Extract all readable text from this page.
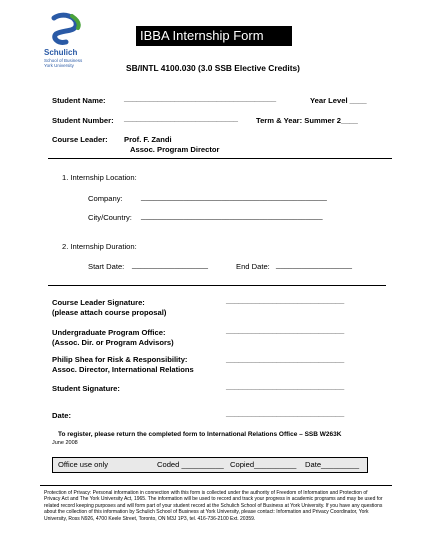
Schulich
School of Business
York University
IBBA Internship Form
SB/INTL 4100.030 (3.0 SSB Elective Credits)
Student Name: ____________________________________	Year Level ____
Student Number: ___________________________ Term & Year: Summer 2____
Course Leader: Prof. F. Zandi
Assoc. Program Director
1. Internship Location:
Company: ____________________________________________
City/Country: ___________________________________________
2. Internship Duration:
Start Date: __________________	End Date: __________________
Course Leader Signature:
(please attach course proposal)
____________________________
Undergraduate Program Office:
(Assoc. Dir. or Program Advisors)
____________________________
Philip Shea for Risk & Responsibility:
Assoc. Director, International Relations
____________________________
Student Signature:	____________________________
Date:	____________________________
To register, please return the completed form to International Relations Office – SSB W263K
June 2008
Office use only	Coded __________ Copied__________ Date_________
Protection of Privacy: Personal information in connection with this form is collected under the authority of Freedom of Information and Protection of Privacy Act and The York University Act, 1965. The information will be used to record and track your progress in academic programs and may be used for related record keeping purposes and will form part of your student record at the Schulich School of Business at York University. If you have any questions about the collection of this information by Schulich School of Business at York University, please contact: Information and Privacy Coordinator, York University, Ross N926, 4700 Keele Street, Toronto, ON M3J 1P3, tel. 416-736-2100 Ext. 20359.
